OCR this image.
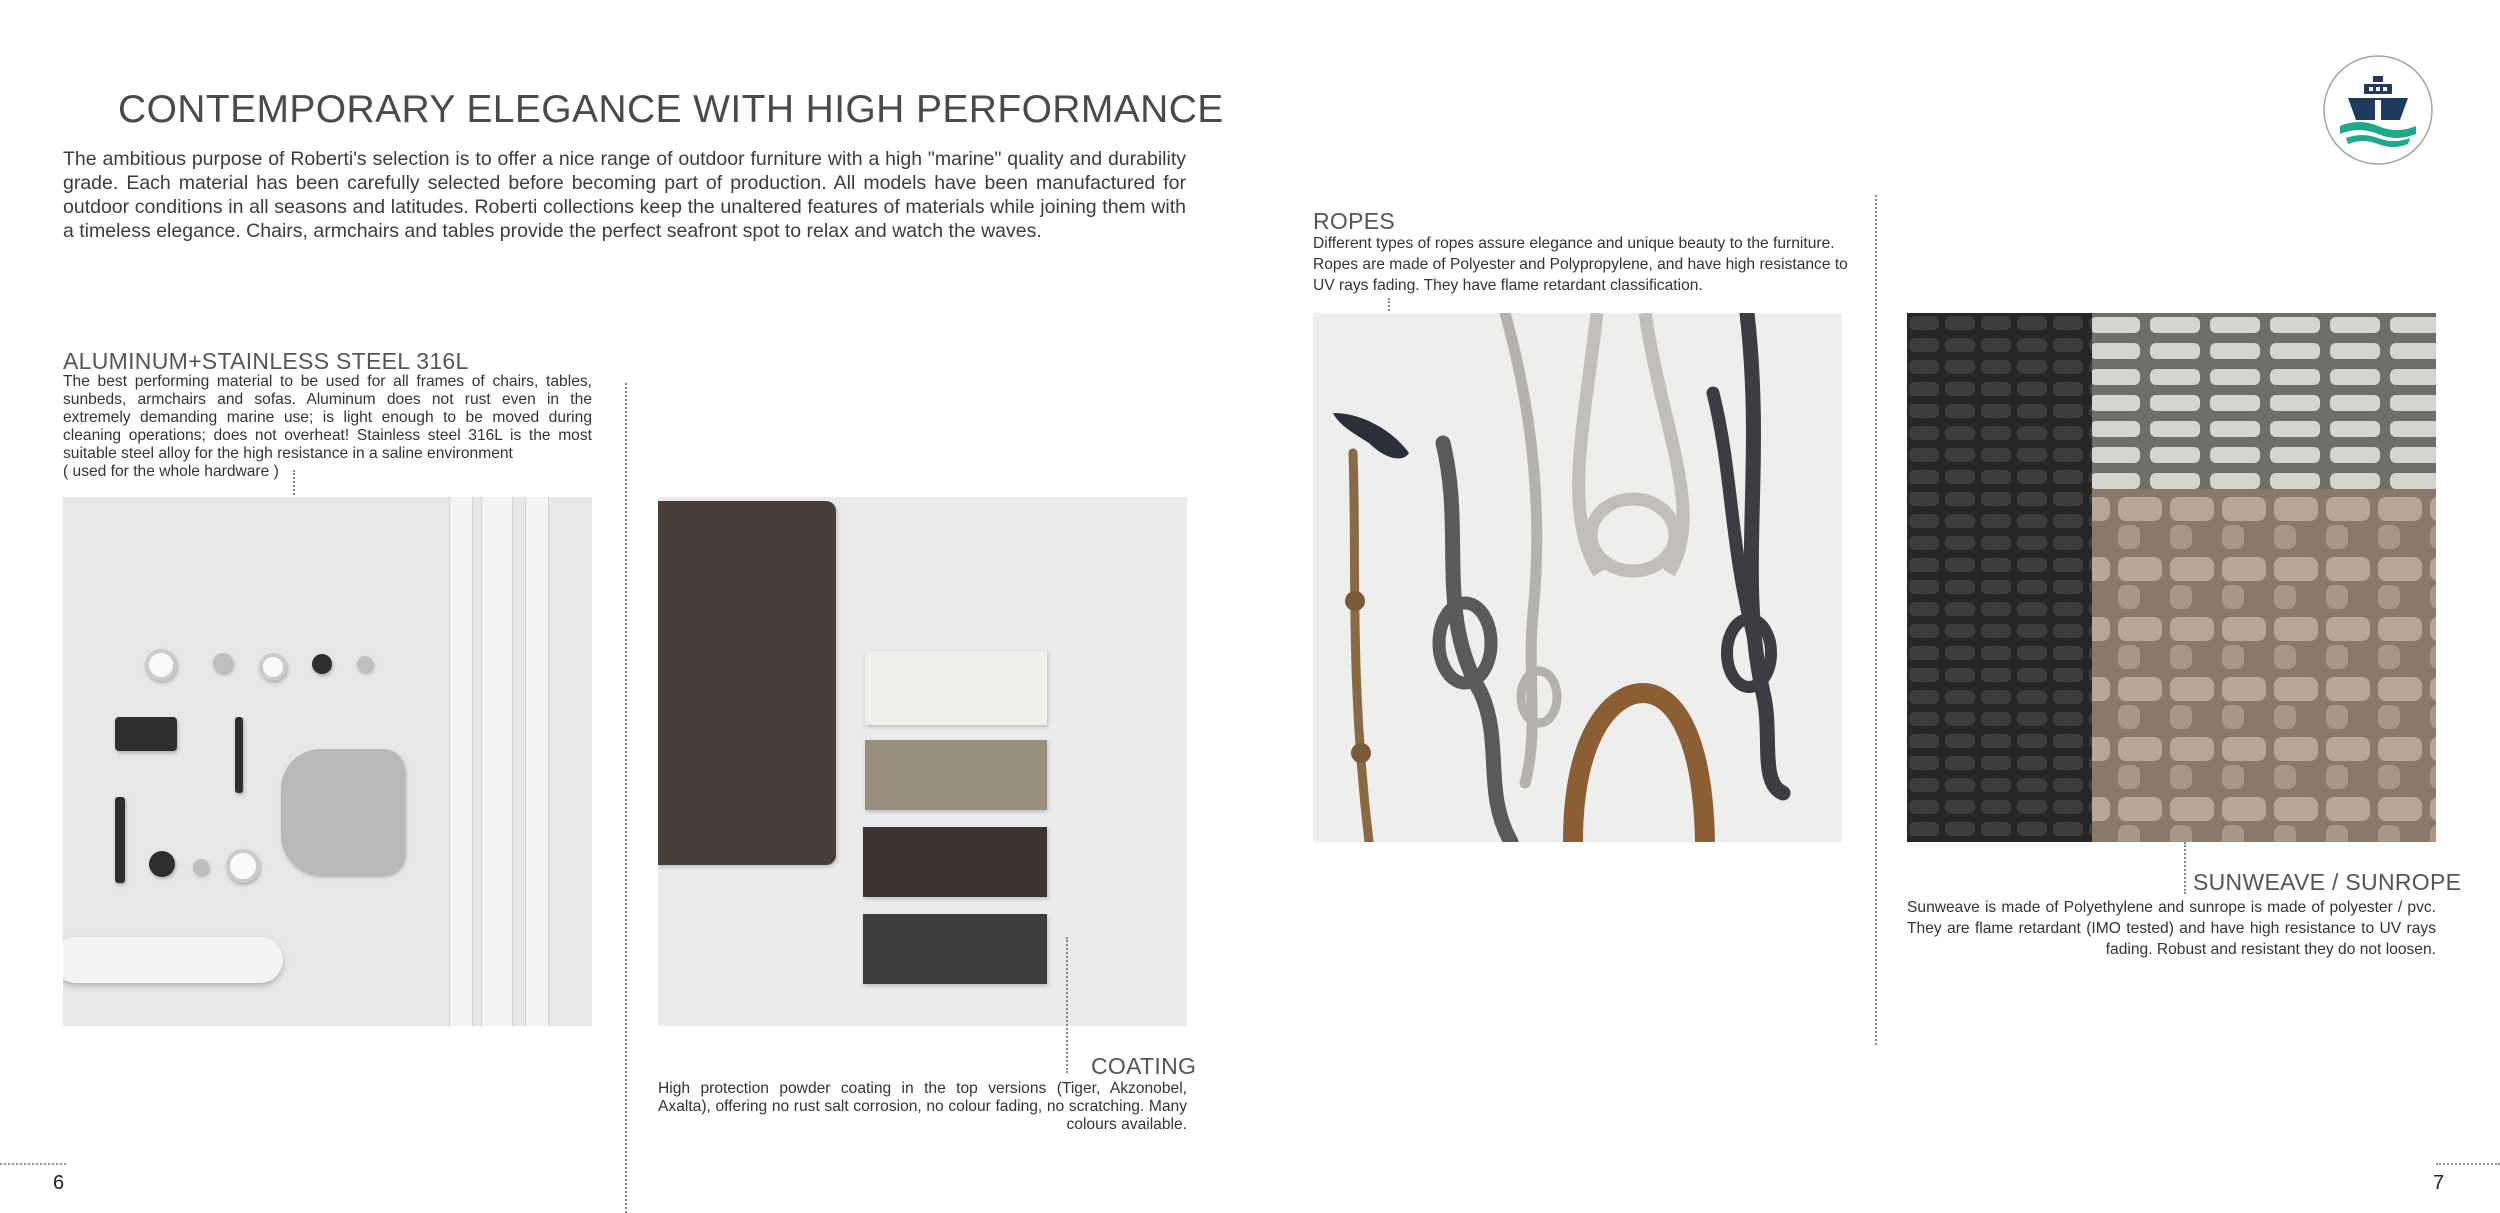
CONTEMPORARY ELEGANCE WITH HIGH PERFORMANCE
The ambitious purpose of Roberti's selection is to offer a nice range of outdoor furniture with a high "marine" quality and durability grade. Each material has been carefully selected before becoming part of production. All models have been manufactured for outdoor conditions in all seasons and latitudes. Roberti collections keep the unaltered features of materials while joining them with a timeless elegance. Chairs, armchairs and tables provide the perfect seafront spot to relax and watch the waves.
ALUMINUM+STAINLESS STEEL 316L
The best performing material to be used for all frames of chairs, tables, sunbeds, armchairs and sofas. Aluminum does not rust even in the extremely demanding marine use; is light enough to be moved during cleaning operations; does not overheat! Stainless steel 316L is the most suitable steel alloy for the high resistance in a saline environment
( used for the whole hardware )
COATING
High protection powder coating in the top versions (Tiger, Akzonobel, Axalta), offering no rust salt corrosion, no colour fading, no scratching. Many colours available.
6	7
ROPES
Different types of ropes assure elegance and unique beauty to the furniture. Ropes are made of Polyester and Polypropylene, and have high resistance to UV rays fading. They have flame retardant classification.
SUNWEAVE / SUNROPE
Sunweave is made of Polyethylene and sunrope is made of polyester / pvc. They are flame retardant (IMO tested) and have high resistance to UV rays fading. Robust and resistant they do not loosen.
